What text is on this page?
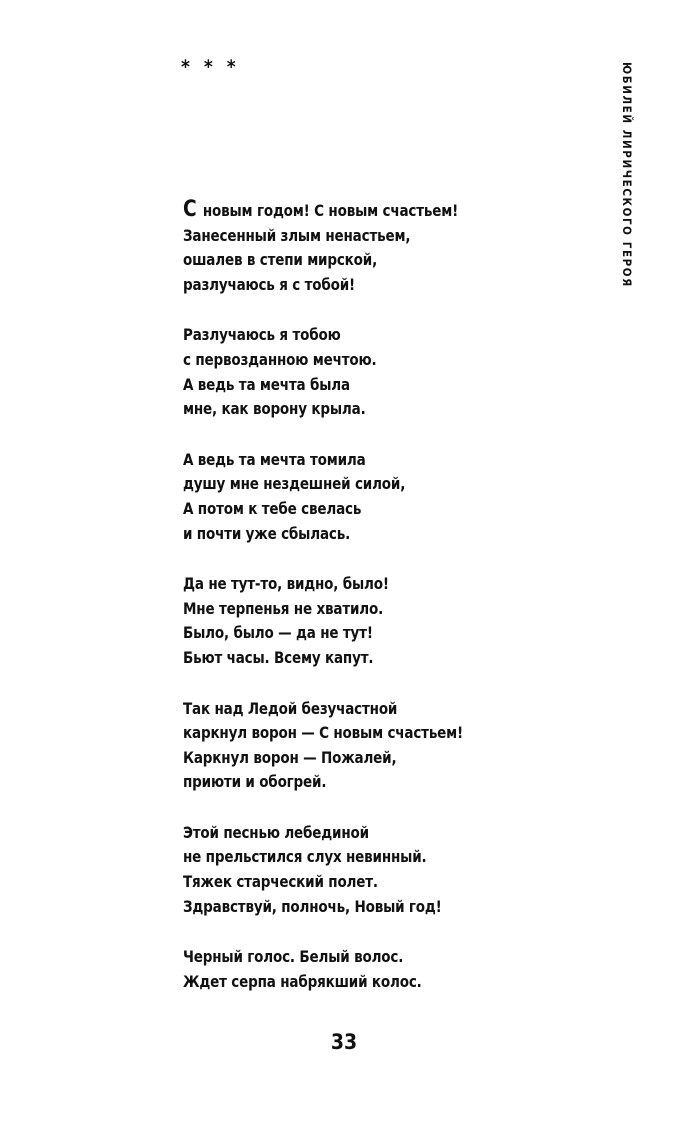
* * *	ЮБИЛЕЙ ЛИРИЧЕСКОГО ГЕРОЯ
С новым годом! С новым счастьем!
Занесенный злым ненастьем,
ошалев в степи мирской,
разлучаюсь я с тобой!
Разлучаюсь я тобою
с первозданною мечтою.
А ведь та мечта была
мне, как ворону крыла.
А ведь та мечта томила
душу мне нездешней силой,
А потом к тебе свелась
и почти уже сбылась.
Да не тут-то, видно, было!
Мне терпенья не хватило.
Было, было — да не тут!
Бьют часы. Всему капут.
Так над Ледой безучастной
каркнул ворон — С новым счастьем!
Каркнул ворон — Пожалей,
приюти и обогрей.
Этой песнью лебединой
не прельстился слух невинный.
Тяжек старческий полет.
Здравствуй, полночь, Новый год!
Черный голос. Белый волос.
Ждет серпа набрякший колос.
33
